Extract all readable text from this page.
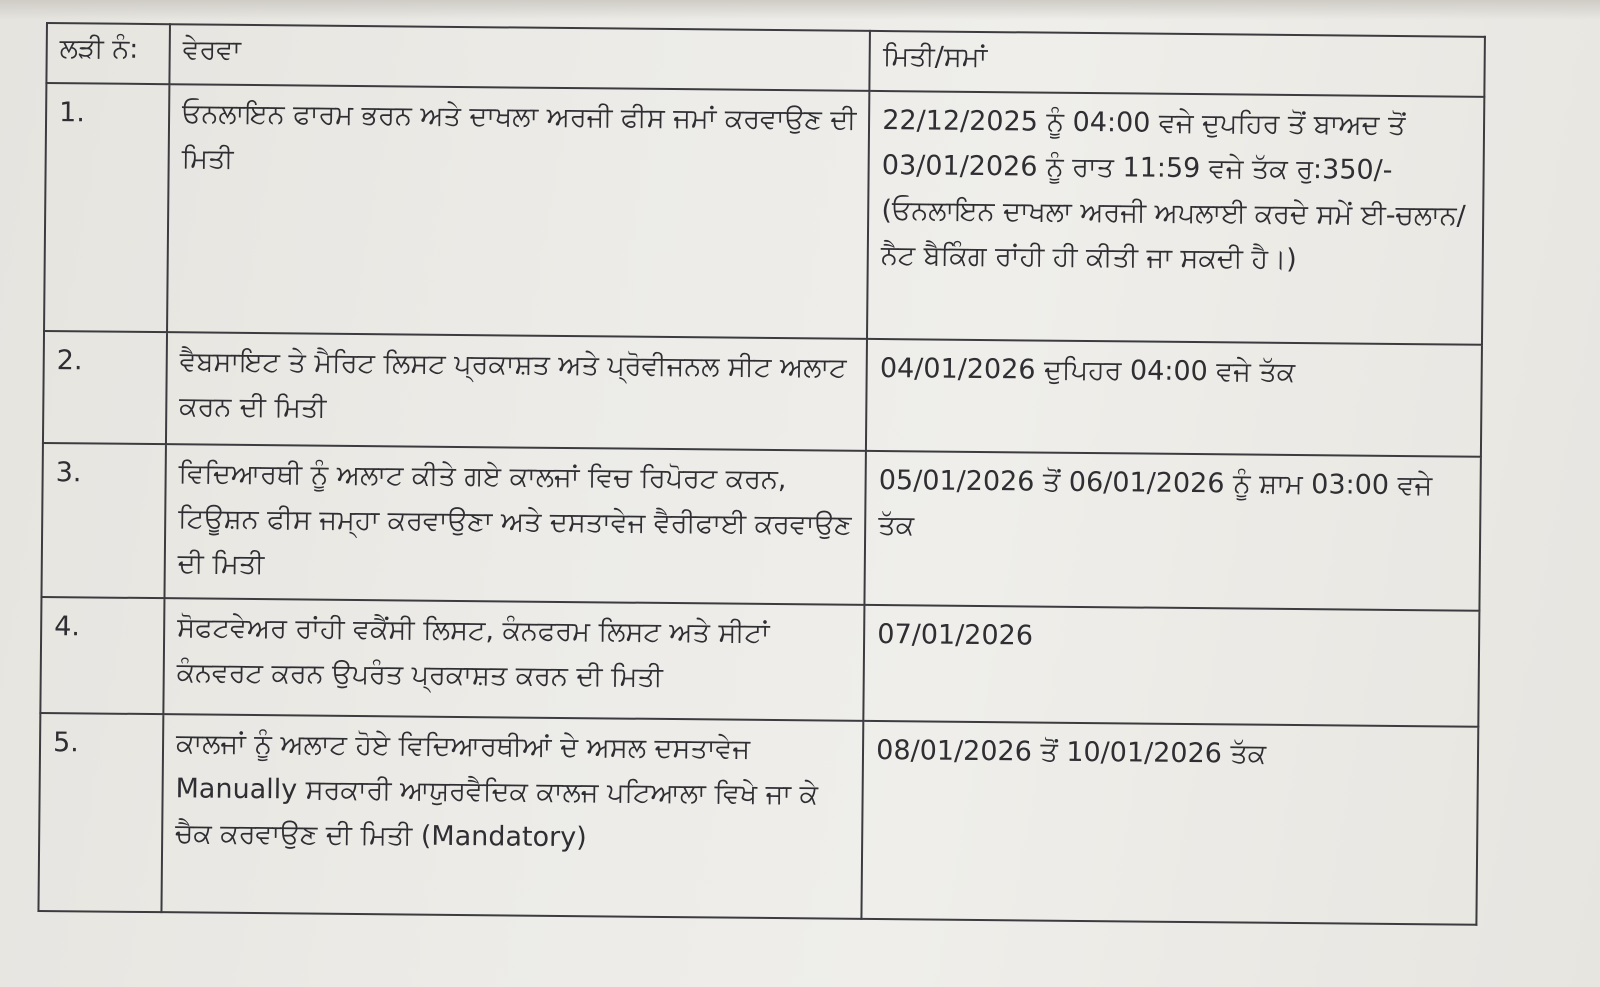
ਲੜੀ ਨੰ:	ਵੇਰਵਾ	ਮਿਤੀ/ਸਮਾਂ
1.	ਓਨਲਾਇਨ ਫਾਰਮ ਭਰਨ ਅਤੇ ਦਾਖਲਾ ਅਰਜੀ ਫੀਸ ਜਮਾਂ ਕਰਵਾਉਣ ਦੀ ਮਿਤੀ	22/12/2025 ਨੂੰ 04:00 ਵਜੇ ਦੁਪਹਿਰ ਤੋਂ ਬਾਅਦ ਤੋਂ 03/01/2026 ਨੂੰ ਰਾਤ 11:59 ਵਜੇ ਤੱਕ ਰੁ:350/-(ਓਨਲਾਇਨ ਦਾਖਲਾ ਅਰਜੀ ਅਪਲਾਈ ਕਰਦੇ ਸਮੇਂ ਈ-ਚਲਾਨ/ ਨੈਟ ਬੈਕਿੰਗ ਰਾਂਹੀ ਹੀ ਕੀਤੀ ਜਾ ਸਕਦੀ ਹੈ।)
2.	ਵੈਬਸਾਇਟ ਤੇ ਮੈਰਿਟ ਲਿਸਟ ਪ੍ਰਕਾਸ਼ਤ ਅਤੇ ਪ੍ਰੋਵੀਜਨਲ ਸੀਟ ਅਲਾਟ ਕਰਨ ਦੀ ਮਿਤੀ	04/01/2026 ਦੁਪਿਹਰ 04:00 ਵਜੇ ਤੱਕ
3.	ਵਿਦਿਆਰਥੀ ਨੂੰ ਅਲਾਟ ਕੀਤੇ ਗਏ ਕਾਲਜਾਂ ਵਿਚ ਰਿਪੋਰਟ ਕਰਨ, ਟਿਊਸ਼ਨ ਫੀਸ ਜਮ੍ਹਾ ਕਰਵਾਉਣਾ ਅਤੇ ਦਸਤਾਵੇਜ ਵੈਰੀਫਾਈ ਕਰਵਾਉਣ ਦੀ ਮਿਤੀ	05/01/2026 ਤੋਂ 06/01/2026 ਨੂੰ ਸ਼ਾਮ 03:00 ਵਜੇ ਤੱਕ
4.	ਸੋਫਟਵੇਅਰ ਰਾਂਹੀ ਵਕੈਂਸੀ ਲਿਸਟ, ਕੰਨਫਰਮ ਲਿਸਟ ਅਤੇ ਸੀਟਾਂ ਕੰਨਵਰਟ ਕਰਨ ਉਪਰੰਤ ਪ੍ਰਕਾਸ਼ਤ ਕਰਨ ਦੀ ਮਿਤੀ	07/01/2026
5.	ਕਾਲਜਾਂ ਨੂੰ ਅਲਾਟ ਹੋਏ ਵਿਦਿਆਰਥੀਆਂ ਦੇ ਅਸਲ ਦਸਤਾਵੇਜ Manually ਸਰਕਾਰੀ ਆਯੁਰਵੈਦਿਕ ਕਾਲਜ ਪਟਿਆਲਾ ਵਿਖੇ ਜਾ ਕੇ ਚੈਕ ਕਰਵਾਉਣ ਦੀ ਮਿਤੀ (Mandatory)	08/01/2026 ਤੋਂ 10/01/2026 ਤੱਕ
